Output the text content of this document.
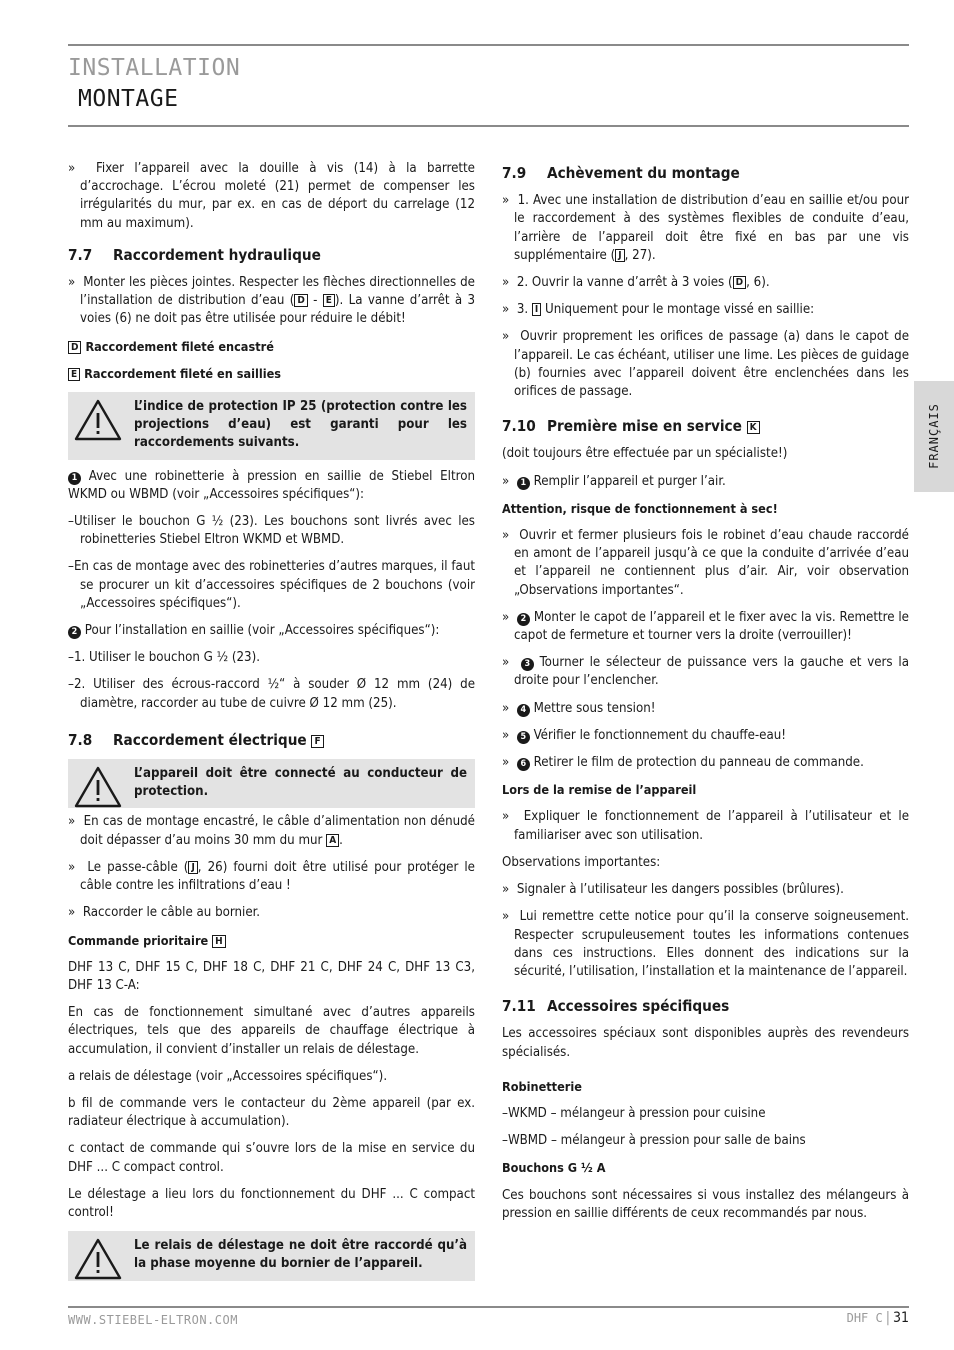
INSTALLATION
MONTAGE
FRANÇAIS
» Fixer l’appareil avec la douille à vis (14) à la barrette d’accrochage. L’écrou moleté (21) permet de compenser les irrégularités du mur, par ex. en cas de déport du carrelage (12 mm au maximum).
7.7 Raccordement hydraulique
» Monter les pièces jointes. Respecter les flèches directionnelles de l’installation de distribution d’eau ( D - E ). La vanne d’arrêt à 3 voies (6) ne doit pas être utilisée pour réduire le débit!
D Raccordement fileté encastré
E Raccordement fileté en saillies
L’indice de protection IP 25 (protection contre les projections d’eau) est garanti pour les raccordements suivants.

1 Avec une robinetterie à pression en saillie de Stiebel Eltron WKMD ou WBMD (voir „Accessoires spécifiques“):

–Utiliser le bouchon G ½ (23). Les bouchons sont livrés avec les robinetteries Stiebel Eltron WKMD et WBMD.
–En cas de montage avec des robinetteries d’autres marques, il faut se procurer un kit d’accessoires spécifiques de 2 bouchons (voir „Accessoires spécifiques“).

2 Pour l’installation en saillie (voir „Accessoires spécifiques“):

–1. Utiliser le bouchon G ½ (23).
–2. Utiliser des écrous-raccord ½“ à souder Ø 12 mm (24) de diamètre, raccorder au tube de cuivre Ø 12 mm (25).
7.8 Raccordement électrique F
L’appareil doit être connecté au conducteur de protection.
» En cas de montage encastré, le câble d’alimentation non dénudé doit dépasser d’au moins 30 mm du mur A .
» Le passe-câble ( J , 26) fourni doit être utilisé pour protéger le câble contre les infiltrations d’eau !
» Raccorder le câble au bornier.
Commande prioritaire H

DHF 13 C, DHF 15 C, DHF 18 C, DHF 21 C, DHF 24 C, DHF 13 C3, DHF 13 C-A:

En cas de fonctionnement simultané avec d’autres appareils électriques, tels que des appareils de chauffage électrique à accumulation, il convient d’installer un relais de délestage.

a relais de délestage (voir „Accessoires spécifiques“).

b fil de commande vers le contacteur du 2ème appareil (par ex. radiateur électrique à accumulation).

c contact de commande qui s’ouvre lors de la mise en service du DHF ... C compact control.

Le délestage a lieu lors du fonctionnement du DHF ... C compact control!

Le relais de délestage ne doit être raccordé qu’à la phase moyenne du bornier de l’appareil.
7.9 Achèvement du montage
» 1. Avec une installation de distribution d’eau en saillie et/ou pour le raccordement à des systèmes flexibles de conduite d’eau, l’arrière de l’appareil doit être fixé en bas par une vis supplémentaire ( J , 27).
» 2. Ouvrir la vanne d’arrêt à 3 voies ( D , 6).
» 3. I Uniquement pour le montage vissé en saillie:
» Ouvrir proprement les orifices de passage (a) dans le capot de l’appareil. Le cas échéant, utiliser une lime. Les pièces de guidage (b) fournies avec l’appareil doivent être enclenchées dans les orifices de passage.
7.10 Première mise en service K

(doit toujours être effectuée par un spécialiste!)

» 1 Remplir l’appareil et purger l’air.
Attention, risque de fonctionnement à sec!
» Ouvrir et fermer plusieurs fois le robinet d’eau chaude raccordé en amont de l’appareil jusqu’à ce que la conduite d’arrivée d’eau et l’appareil ne contiennent plus d’air. Air, voir observation „Observations importantes“.
» 2 Monter le capot de l’appareil et le fixer avec la vis. Remettre le capot de fermeture et tourner vers la droite (verrouiller)!
» 3 Tourner le sélecteur de puissance vers la gauche et vers la droite pour l’enclencher.
» 4 Mettre sous tension!
» 5 Vérifier le fonctionnement du chauffe-eau!
» 6 Retirer le film de protection du panneau de commande.
Lors de la remise de l’appareil
» Expliquer le fonctionnement de l’appareil à l’utilisateur et le familiariser avec son utilisation.

Observations importantes:

» Signaler à l’utilisateur les dangers possibles (brûlures).
» Lui remettre cette notice pour qu’il la conserve soigneusement. Respecter scrupuleusement toutes les informations contenues dans ces instructions. Elles donnent des indications sur la sécurité, l’utilisation, l’installation et la maintenance de l’appareil.
7.11 Accessoires spécifiques

Les accessoires spéciaux sont disponibles auprès des revendeurs spécialisés.

Robinetterie
–WKMD – mélangeur à pression pour cuisine
–WBMD – mélangeur à pression pour salle de bains
Bouchons G ½ A

Ces bouchons sont nécessaires si vous installez des mélangeurs à pression en saillie différents de ceux recommandés par nous.

WWW.STIEBEL-ELTRON.COM	DHF C | 31
